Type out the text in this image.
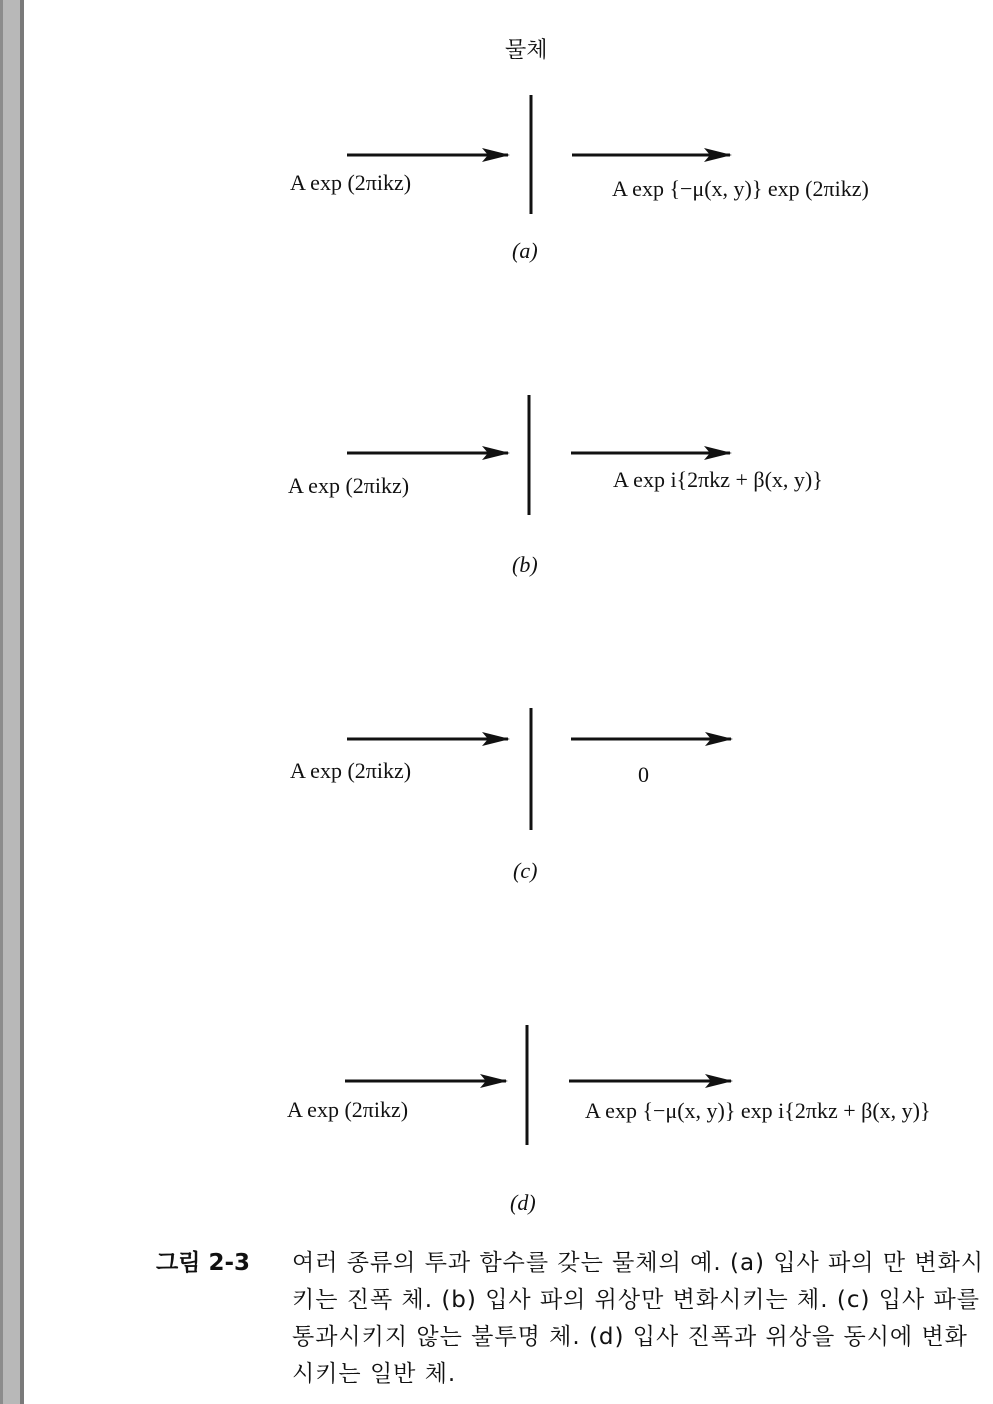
물체
A exp (2πikz)	A exp {−μ(x, y)} exp (2πikz)
(a)
A exp (2πikz)	A exp i{2πkz + β(x, y)}
(b)
A exp (2πikz)	0
(c)
A exp (2πikz)	A exp {−μ(x, y)} exp i{2πkz + β(x, y)}
(d)
그림 2-3 여러 종류의 투과 함수를 갖는 물체의 예. (a) 입사 파의 만 변화시키는 진폭 체. (b) 입사 파의 위상만 변화시키는 체. (c) 입사 파를 통과시키지 않는 불투명 체. (d) 입사 진폭과 위상을 동시에 변화시키는 일반 체.
